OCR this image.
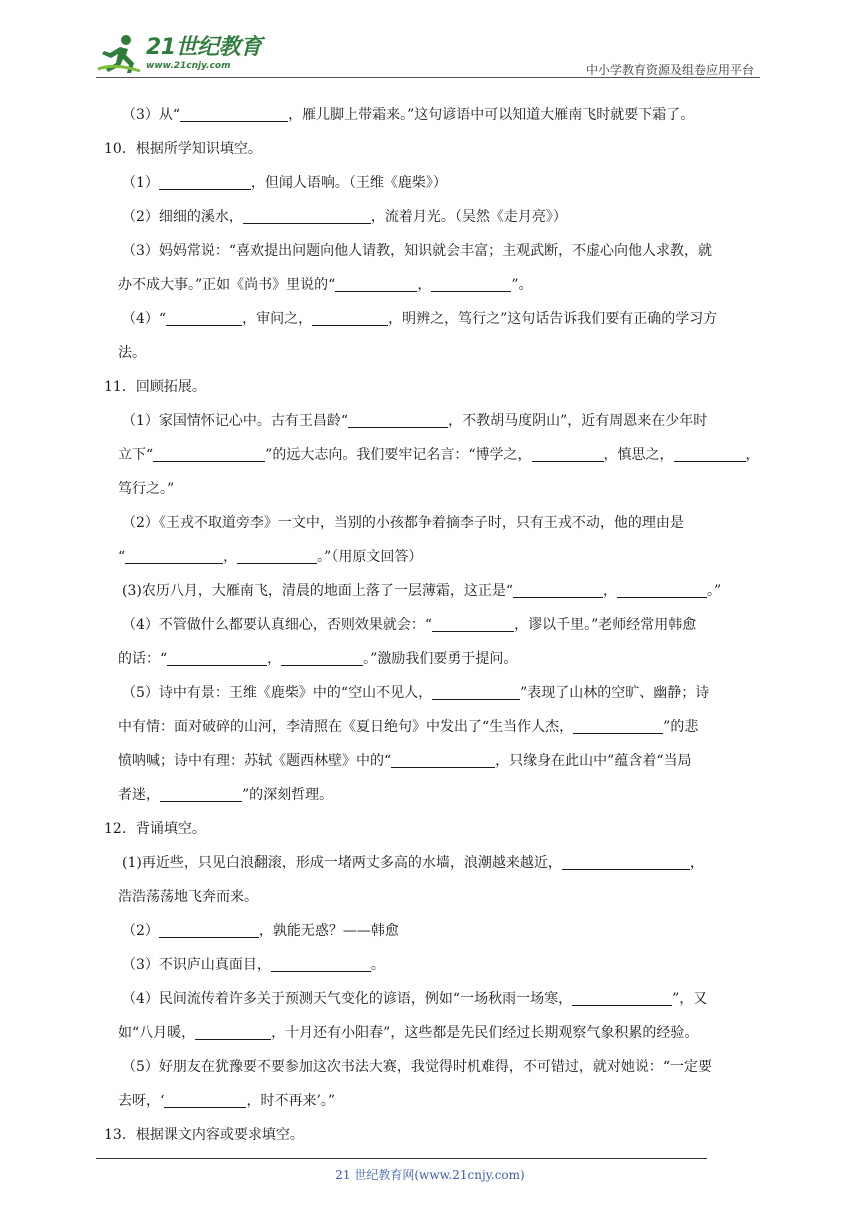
21世纪教育
www.21cnjy.com	中小学教育资源及组卷应用平台
（3）从“	，雁儿脚上带霜来。”这句谚语中可以知道大雁南飞时就要下霜了。
10．根据所学知识填空。
（1）	，但闻人语响。（王维《鹿柴》）
（2）细细的溪水，	，流着月光。（吴然《走月亮》）
（3）妈妈常说：“喜欢提出问题向他人请教，知识就会丰富；主观武断，不虚心向他人求教，就
办不成大事。”正如《尚书》里说的“	，	”。
（4）“	，审问之，	，明辨之，笃行之”这句话告诉我们要有正确的学习方
法。
11．回顾拓展。
（1）家国情怀记心中。古有王昌龄“	，不教胡马度阴山”，近有周恩来在少年时
立下“	”的远大志向。我们要牢记名言：“博学之，	，慎思之，	，
笃行之。”
（2）《王戎不取道旁李》一文中，当别的小孩都争着摘李子时，只有王戎不动，他的理由是
“	，	。”（用原文回答）
(3)农历八月，大雁南飞，清晨的地面上落了一层薄霜，这正是“	，	。”
（4）不管做什么都要认真细心，否则效果就会：“	，谬以千里。”老师经常用韩愈
的话：“	，	。”激励我们要勇于提问。
（5）诗中有景：王维《鹿柴》中的“空山不见人，	”表现了山林的空旷、幽静；诗
中有情：面对破碎的山河，李清照在《夏日绝句》中发出了“生当作人杰，	”的悲
愤呐喊；诗中有理：苏轼《题西林壁》中的“	，只缘身在此山中”蕴含着“当局
者迷，	”的深刻哲理。
12．背诵填空。
(1)再近些，只见白浪翻滚，形成一堵两丈多高的水墙，浪潮越来越近，	，
浩浩荡荡地飞奔而来。
（2）	，孰能无惑？——韩愈
（3）不识庐山真面目，	。
（4）民间流传着许多关于预测天气变化的谚语，例如“一场秋雨一场寒，	”，又
如“八月暖，	，十月还有小阳春”，这些都是先民们经过长期观察气象积累的经验。
（5）好朋友在犹豫要不要参加这次书法大赛，我觉得时机难得，不可错过，就对她说：“一定要
去呀，‘	，时不再来’。”
13．根据课文内容或要求填空。
21 世纪教育网(www.21cnjy.com)
